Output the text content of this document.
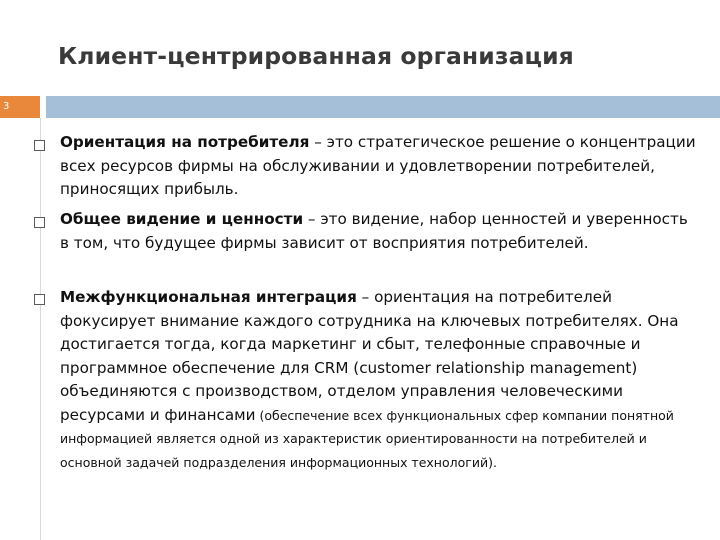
Клиент-центрированная организация
3
Ориентация на потребителя – это стратегическое решение о концентрации всех ресурсов фирмы на обслуживании и удовлетворении потребителей, приносящих прибыль.
Общее видение и ценности – это видение, набор ценностей и уверенность в том, что будущее фирмы зависит от восприятия потребителей.
Межфункциональная интеграция – ориентация на потребителей фокусирует внимание каждого сотрудника на ключевых потребителях. Она достигается тогда, когда маркетинг и сбыт, телефонные справочные и программное обеспечение для CRM (customer relationship management) объединяются с производством, отделом управления человеческими ресурсами и финансами (обеспечение всех функциональных сфер компании понятной информацией является одной из характеристик ориентированности на потребителей и основной задачей подразделения информационных технологий).
